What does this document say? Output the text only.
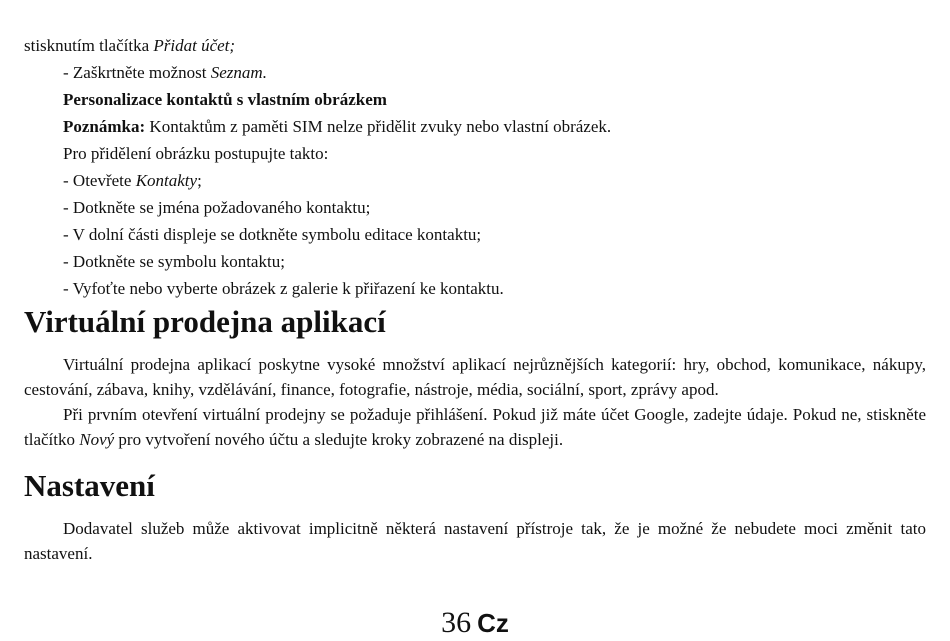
stisknutím tlačítka Přidat účet;
- Zaškrtněte možnost Seznam.
Personalizace kontaktů s vlastním obrázkem
Poznámka: Kontaktům z paměti SIM nelze přidělit zvuky nebo vlastní obrázek.
Pro přidělení obrázku postupujte takto:
- Otevřete Kontakty;
- Dotkněte se jména požadovaného kontaktu;
- V dolní části displeje se dotkněte symbolu editace kontaktu;
- Dotkněte se symbolu kontaktu;
- Vyfoťte nebo vyberte obrázek z galerie k přiřazení ke kontaktu.
Virtuální prodejna aplikací

Virtuální prodejna aplikací poskytne vysoké množství aplikací nejrůznějších kategorií: hry, obchod, komunikace, nákupy, cestování, zábava, knihy, vzdělávání, finance, fotografie, nástroje, média, sociální, sport, zprávy apod.

Při prvním otevření virtuální prodejny se požaduje přihlášení. Pokud již máte účet Google, zadejte údaje. Pokud ne, stiskněte tlačítko Nový pro vytvoření nového účtu a sledujte kroky zobrazené na displeji.

Nastavení

Dodavatel služeb může aktivovat implicitně některá nastavení přístroje tak, že je možné že nebudete moci změnit tato nastavení.

36 Cz
